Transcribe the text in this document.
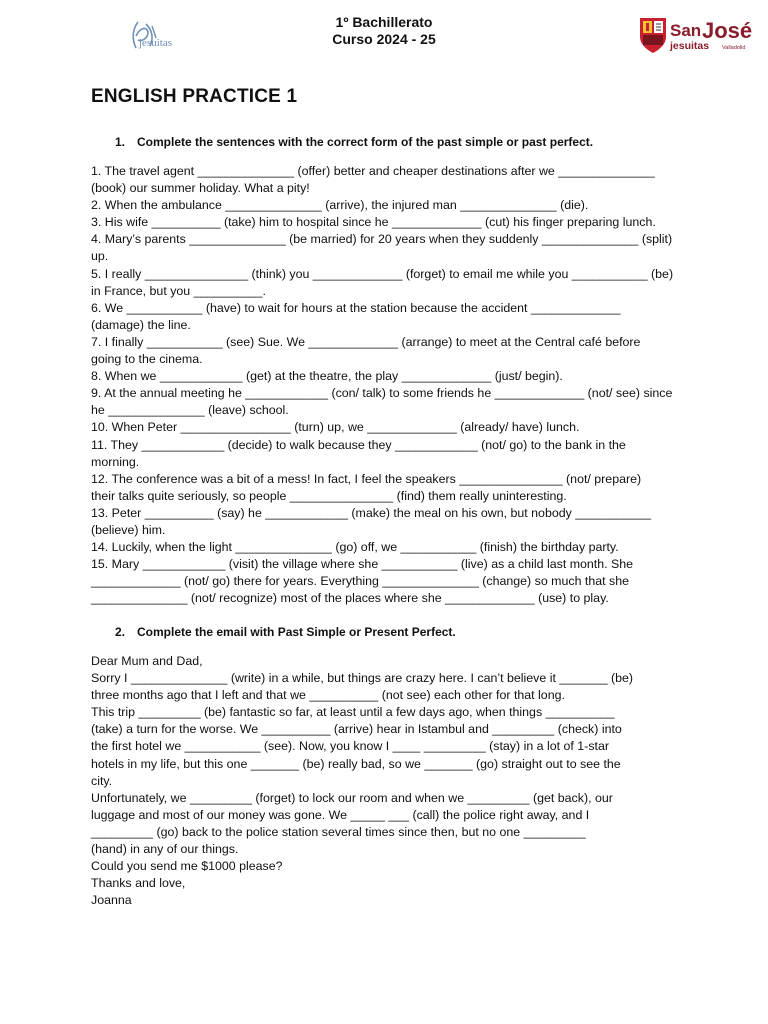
jesuitas
1º Bachillerato
Curso 2024 - 25	San José
jesuitas Valladolid
ENGLISH PRACTICE 1
1. Complete the sentences with the correct form of the past simple or past perfect.
1. The travel agent ______________ (offer) better and cheaper destinations after we ______________
(book) our summer holiday. What a pity!
2. When the ambulance ______________ (arrive), the injured man ______________ (die).
3. His wife __________ (take) him to hospital since he _____________ (cut) his finger preparing lunch.
4. Mary’s parents ______________ (be married) for 20 years when they suddenly ______________ (split)
up.
5. I really _______________ (think) you _____________ (forget) to email me while you ___________ (be)
in France, but you __________.
6. We ___________ (have) to wait for hours at the station because the accident _____________
(damage) the line.
7. I finally ___________ (see) Sue. We _____________ (arrange) to meet at the Central café before
going to the cinema.
8. When we ____________ (get) at the theatre, the play _____________ (just/ begin).
9. At the annual meeting he ____________ (con/ talk) to some friends he _____________ (not/ see) since
he ______________ (leave) school.
10. When Peter ________________ (turn) up, we _____________ (already/ have) lunch.
11. They ____________ (decide) to walk because they ____________ (not/ go) to the bank in the
morning.
12. The conference was a bit of a mess! In fact, I feel the speakers _______________ (not/ prepare)
their talks quite seriously, so people _______________ (find) them really uninteresting.
13. Peter __________ (say) he ____________ (make) the meal on his own, but nobody ___________
(believe) him.
14. Luckily, when the light ______________ (go) off, we ___________ (finish) the birthday party.
15. Mary ____________ (visit) the village where she ___________ (live) as a child last month. She
_____________ (not/ go) there for years. Everything ______________ (change) so much that she
______________ (not/ recognize) most of the places where she _____________ (use) to play.
2. Complete the email with Past Simple or Present Perfect.
Dear Mum and Dad,
Sorry I ______________ (write) in a while, but things are crazy here. I can’t believe it _______ (be)
three months ago that I left and that we __________ (not see) each other for that long.
This trip _________ (be) fantastic so far, at least until a few days ago, when things __________
(take) a turn for the worse. We __________ (arrive) hear in Istambul and _________ (check) into
the first hotel we ___________ (see). Now, you know I ____ _________ (stay) in a lot of 1-star
hotels in my life, but this one _______ (be) really bad, so we _______ (go) straight out to see the
city.
Unfortunately, we _________ (forget) to lock our room and when we _________ (get back), our
luggage and most of our money was gone. We _____ ___ (call) the police right away, and I
_________ (go) back to the police station several times since then, but no one _________
(hand) in any of our things.
Could you send me $1000 please?
Thanks and love,
Joanna
